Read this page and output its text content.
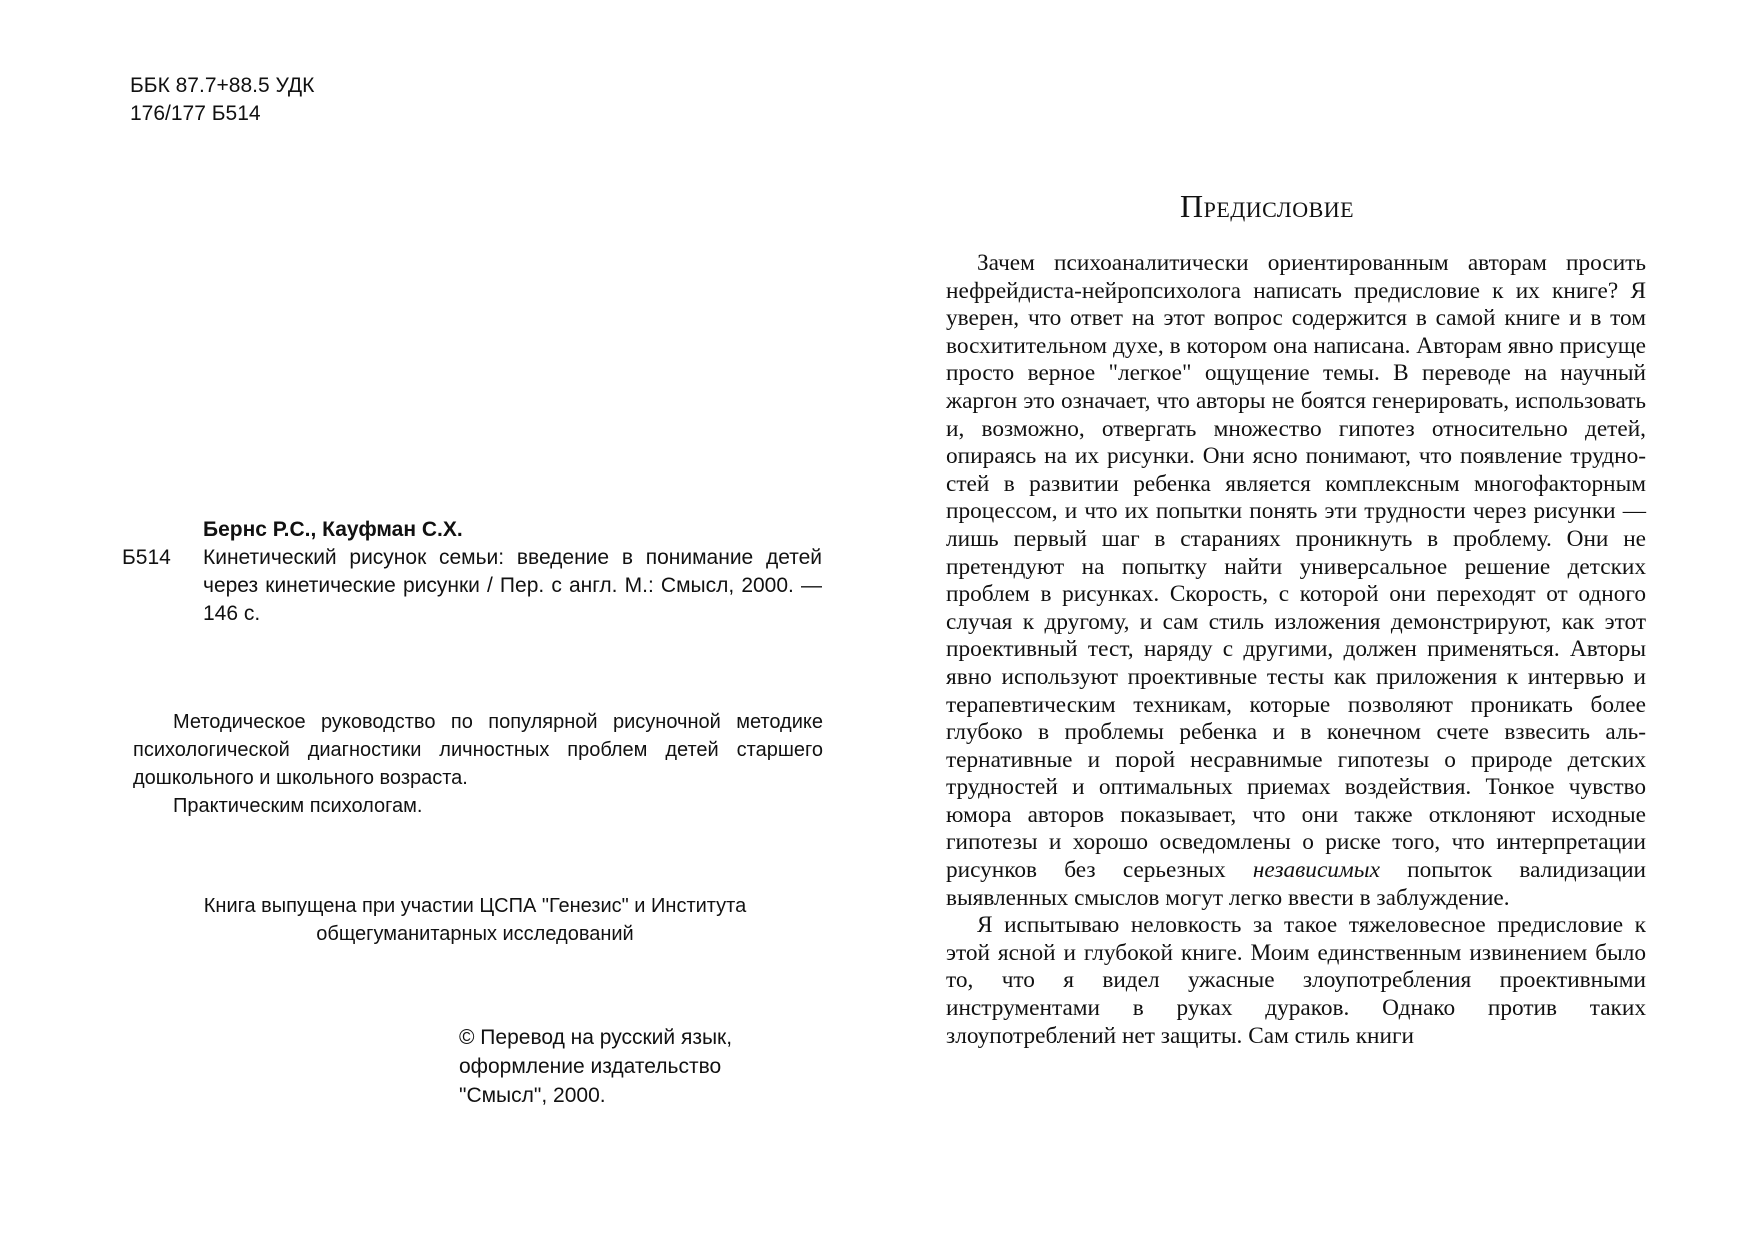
ББК 87.7+88.5 УДК
176/177 Б514
Бернс Р.С., Кауфман С.Х.
Б514	Кинетический рисунок семьи: введение в понимание детей через кинетические рисунки / Пер. с англ. М.: Смысл, 2000. — 146 с.

Методическое руководство по популярной рисуночной методике психологической диагностики личностных проблем детей старшего дошкольного и школьного возраста.

Практическим психологам.

Книга выпущена при участии ЦСПА "Генезис" и Института

общегуманитарных исследований

© Перевод на русский язык,

оформление издательство

"Смысл", 2000.

Предисловие

Зачем психоаналитически ориентированным авторам просить нефрейдиста-нейропсихолога написать предисловие к их книге? Я уверен, что ответ на этот вопрос содержится в самой книге и в том восхитительном духе, в котором она написана. Авторам явно присуще просто верное "легкое" ощущение темы. В переводе на научный жаргон это означает, что авторы не боятся генерировать, использовать и, возможно, отвергать множество гипотез относительно детей, опираясь на их рисунки. Они ясно понимают, что появление трудностей в развитии ребенка является комплексным многофакторным процессом, и что их попытки понять эти трудности через рисунки — лишь первый шаг в стараниях проникнуть в проблему. Они не претендуют на попытку найти универсальное решение детских проблем в рисунках. Скорость, с которой они переходят от одного случая к другому, и сам стиль изложения демонстрируют, как этот проективный тест, наряду с другими, должен применяться. Авторы явно используют проективные тесты как приложения к интервью и терапевтическим техникам, которые позволяют проникать более глубоко в проблемы ребенка и в конечном счете взвесить альтернативные и порой несравнимые гипотезы о природе детских трудностей и оптимальных приемах воздействия. Тонкое чувство юмора авторов показывает, что они также отклоняют исходные гипотезы и хорошо осведомлены о риске того, что интерпретации рисунков без серьезных независимых попыток валидизации выявленных смыслов могут легко ввести в заблуждение.

Я испытываю неловкость за такое тяжеловесное предисловие к этой ясной и глубокой книге. Моим единственным извинением было то, что я видел ужасные злоупотребления проективными инструментами в руках дураков. Однако против таких злоупотреблений нет защиты. Сам стиль книги
